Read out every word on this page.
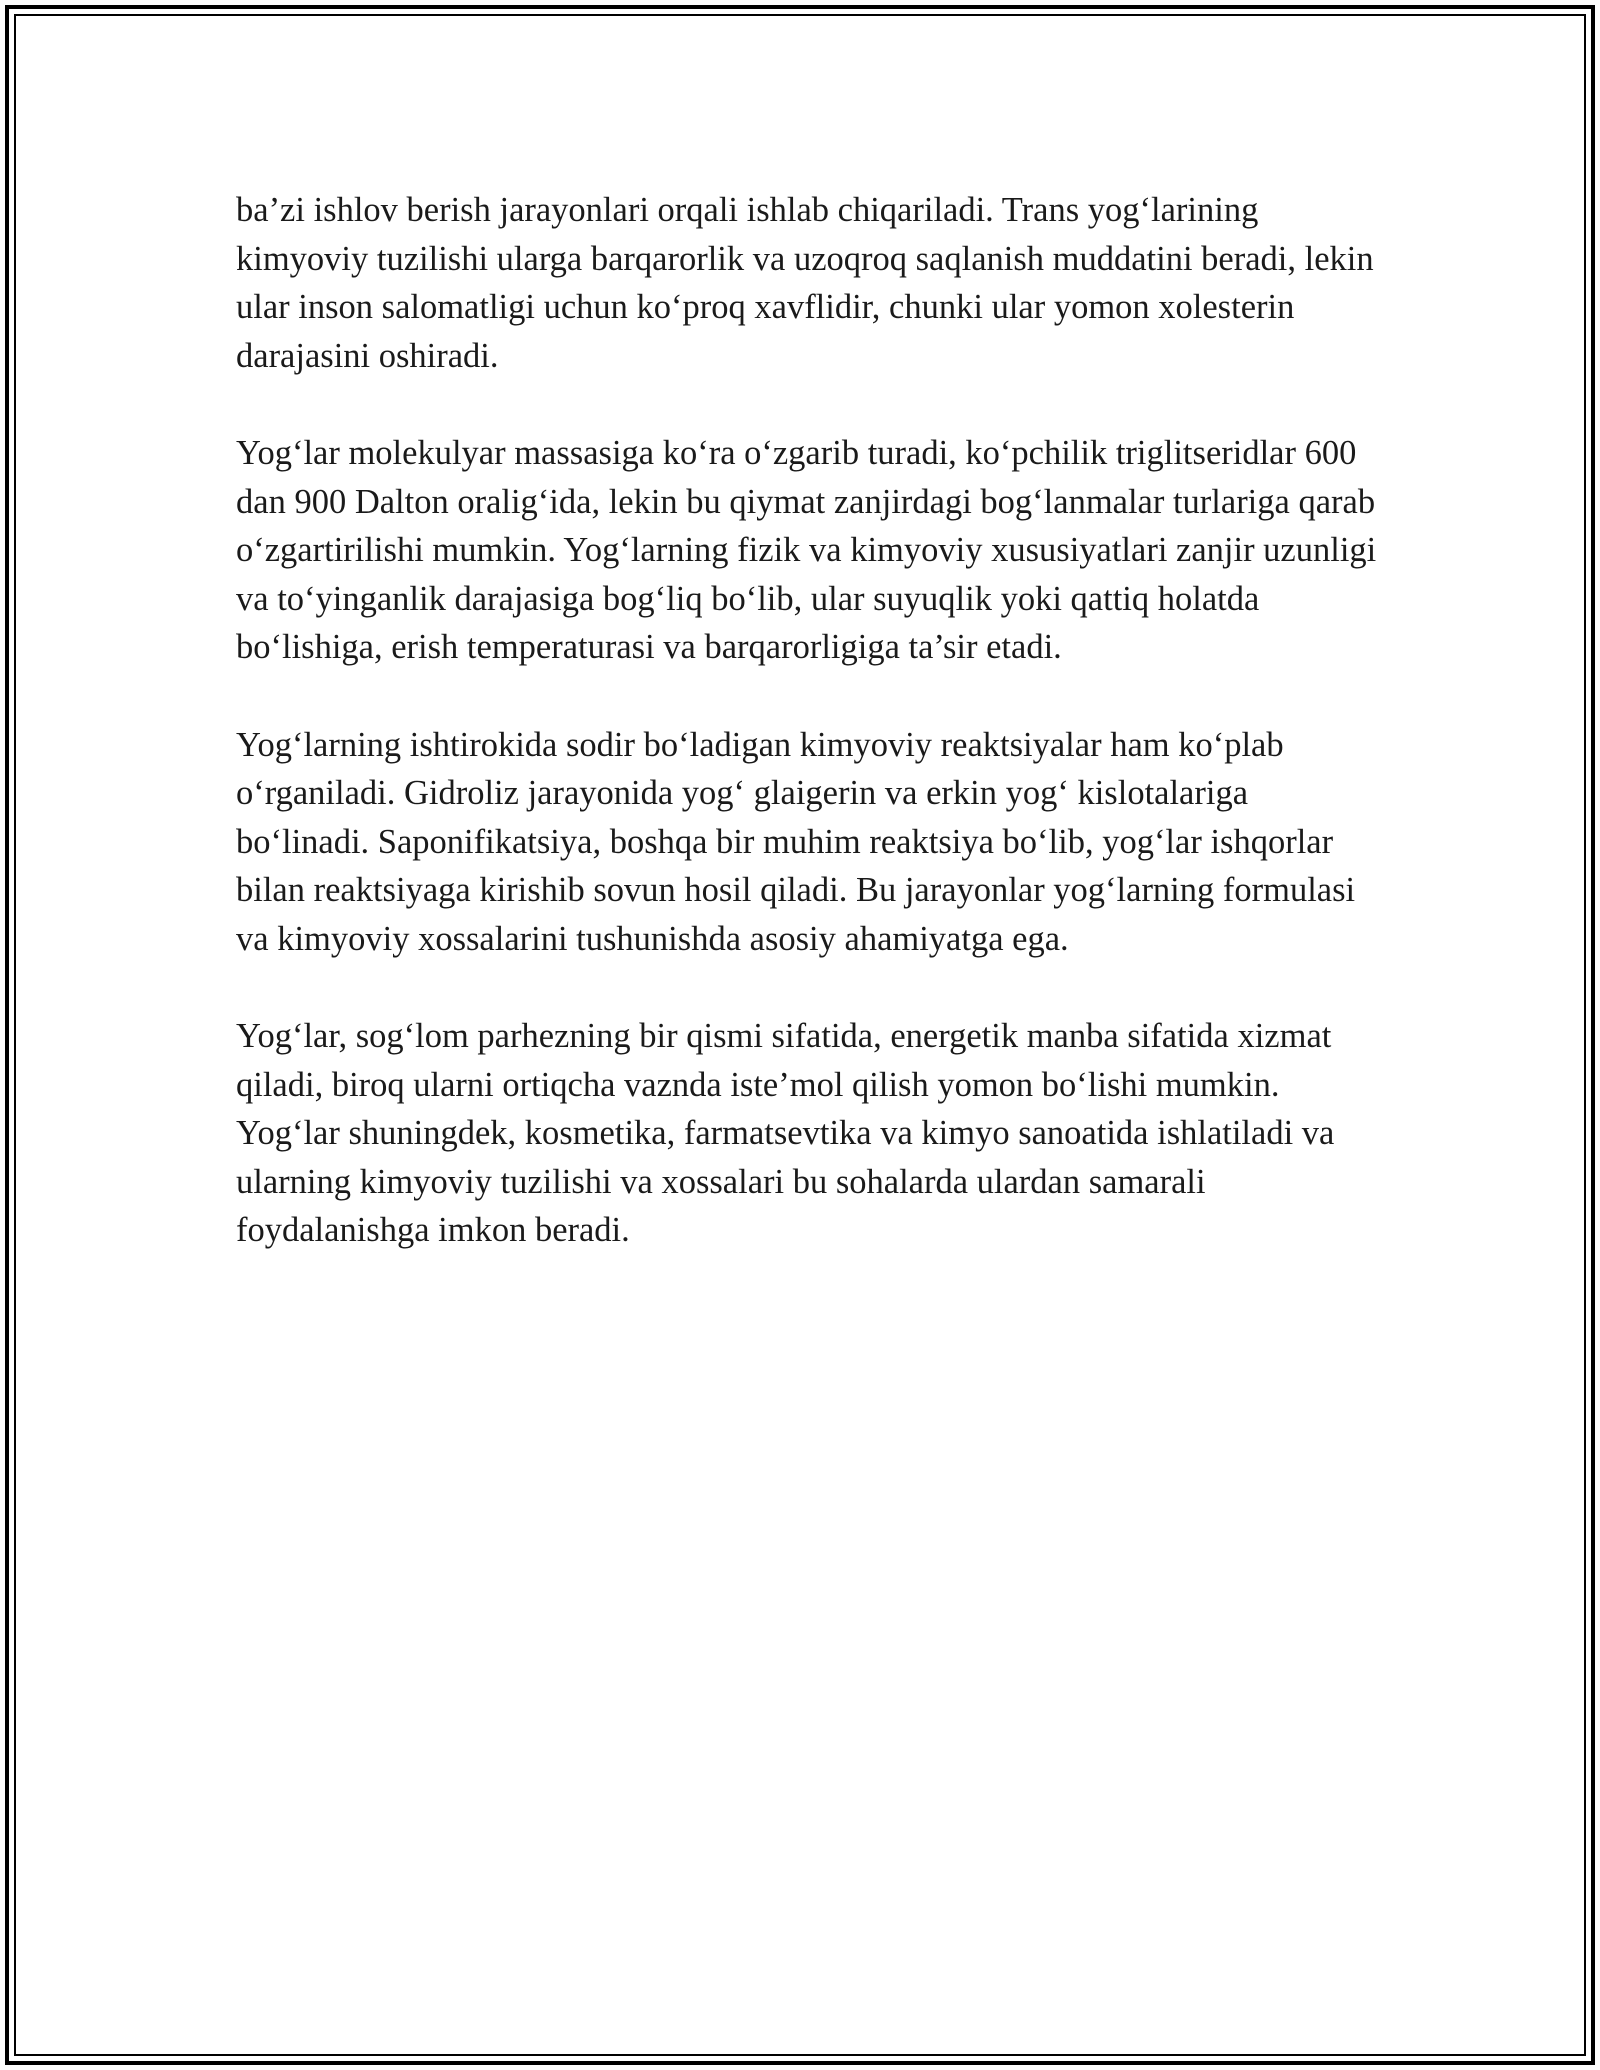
ba’zi ishlov berish jarayonlari orqali ishlab chiqariladi. Trans yog‘larining kimyoviy tuzilishi ularga barqarorlik va uzoqroq saqlanish muddatini beradi, lekin ular inson salomatligi uchun ko‘proq xavflidir, chunki ular yomon xolesterin darajasini oshiradi.

Yog‘lar molekulyar massasiga ko‘ra o‘zgarib turadi, ko‘pchilik triglitseridlar 600 dan 900 Dalton oralig‘ida, lekin bu qiymat zanjirdagi bog‘lanmalar turlariga qarab o‘zgartirilishi mumkin. Yog‘larning fizik va kimyoviy xususiyatlari zanjir uzunligi va to‘yinganlik darajasiga bog‘liq bo‘lib, ular suyuqlik yoki qattiq holatda bo‘lishiga, erish temperaturasi va barqarorligiga ta’sir etadi.

Yog‘larning ishtirokida sodir bo‘ladigan kimyoviy reaktsiyalar ham ko‘plab o‘rganiladi. Gidroliz jarayonida yog‘ glaigerin va erkin yog‘ kislotalariga bo‘linadi. Saponifikatsiya, boshqa bir muhim reaktsiya bo‘lib, yog‘lar ishqorlar bilan reaktsiyaga kirishib sovun hosil qiladi. Bu jarayonlar yog‘larning formulasi va kimyoviy xossalarini tushunishda asosiy ahamiyatga ega.

Yog‘lar, sog‘lom parhezning bir qismi sifatida, energetik manba sifatida xizmat qiladi, biroq ularni ortiqcha vaznda iste’mol qilish yomon bo‘lishi mumkin. Yog‘lar shuningdek, kosmetika, farmatsevtika va kimyo sanoatida ishlatiladi va ularning kimyoviy tuzilishi va xossalari bu sohalarda ulardan samarali foydalanishga imkon beradi.
